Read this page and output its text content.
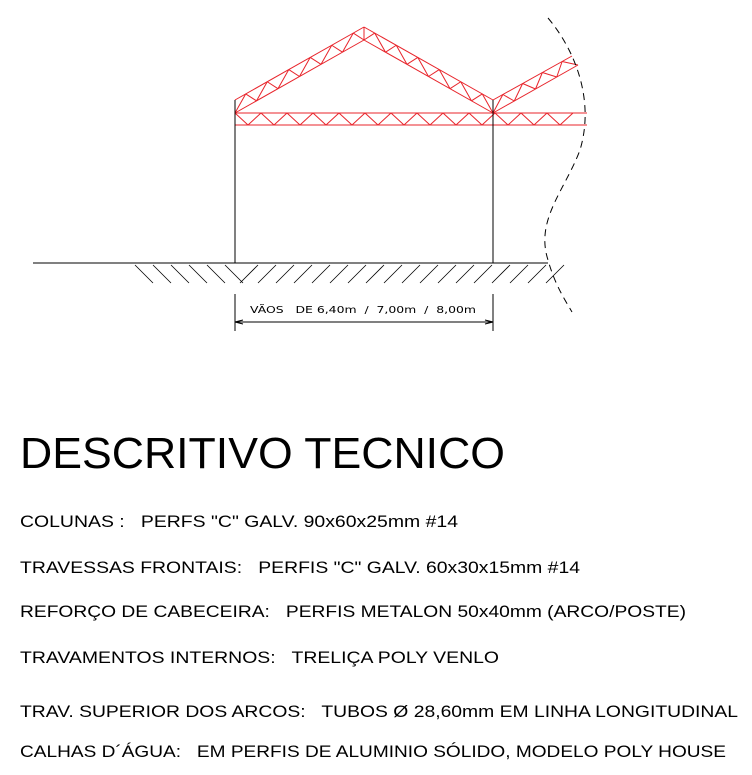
VÃOS   DE 6,40m  /  7,00m  /  8,00m
DESCRITIVO TECNICO
COLUNAS :   PERFS "C" GALV. 90x60x25mm #14
TRAVESSAS FRONTAIS:   PERFIS "C" GALV. 60x30x15mm #14
REFORÇO DE CABECEIRA:   PERFIS METALON 50x40mm (ARCO/POSTE)
TRAVAMENTOS INTERNOS:   TRELIÇA POLY VENLO
TRAV. SUPERIOR DOS ARCOS:   TUBOS Ø 28,60mm EM LINHA LONGITUDINAL
CALHAS D´ÁGUA:   EM PERFIS DE ALUMINIO SÓLIDO, MODELO POLY HOUSE
